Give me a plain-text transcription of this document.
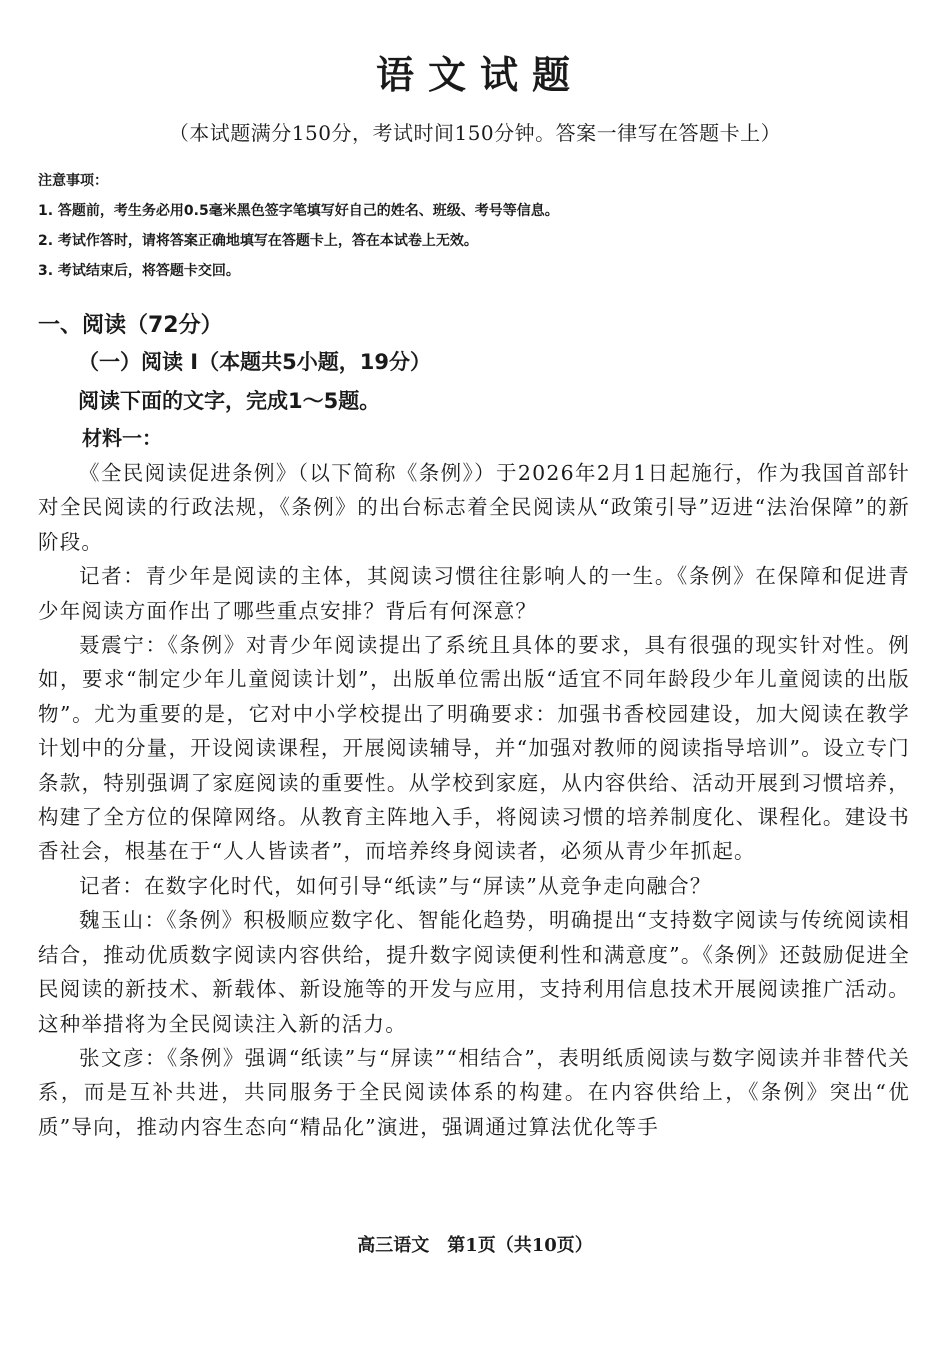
语文试题
（本试题满分150分，考试时间150分钟。答案一律写在答题卡上）
注意事项：
1. 答题前，考生务必用0.5毫米黑色签字笔填写好自己的姓名、班级、考号等信息。
2. 考试作答时，请将答案正确地填写在答题卡上，答在本试卷上无效。
3. 考试结束后，将答题卡交回。
一、阅读（72分）
（一）阅读 I（本题共5小题，19分）
阅读下面的文字，完成1～5题。
材料一：

《全民阅读促进条例》（以下简称《条例》）于2026年2月1日起施行，作为我国首部针对全民阅读的行政法规，《条例》的出台标志着全民阅读从“政策引导”迈进“法治保障”的新阶段。

记者：青少年是阅读的主体，其阅读习惯往往影响人的一生。《条例》在保障和促进青少年阅读方面作出了哪些重点安排？背后有何深意？

聂震宁：《条例》对青少年阅读提出了系统且具体的要求，具有很强的现实针对性。例如，要求“制定少年儿童阅读计划”，出版单位需出版“适宜不同年龄段少年儿童阅读的出版物”。尤为重要的是，它对中小学校提出了明确要求：加强书香校园建设，加大阅读在教学计划中的分量，开设阅读课程，开展阅读辅导，并“加强对教师的阅读指导培训”。设立专门条款，特别强调了家庭阅读的重要性。从学校到家庭，从内容供给、活动开展到习惯培养，构建了全方位的保障网络。从教育主阵地入手，将阅读习惯的培养制度化、课程化。建设书香社会，根基在于“人人皆读者”，而培养终身阅读者，必须从青少年抓起。

记者：在数字化时代，如何引导“纸读”与“屏读”从竞争走向融合？

魏玉山：《条例》积极顺应数字化、智能化趋势，明确提出“支持数字阅读与传统阅读相结合，推动优质数字阅读内容供给，提升数字阅读便利性和满意度”。《条例》还鼓励促进全民阅读的新技术、新载体、新设施等的开发与应用，支持利用信息技术开展阅读推广活动。这种举措将为全民阅读注入新的活力。

张文彦：《条例》强调“纸读”与“屏读”“相结合”，表明纸质阅读与数字阅读并非替代关系，而是互补共进，共同服务于全民阅读体系的构建。在内容供给上，《条例》突出“优质”导向，推动内容生态向“精品化”演进，强调通过算法优化等手

高三语文　第1页（共10页）
